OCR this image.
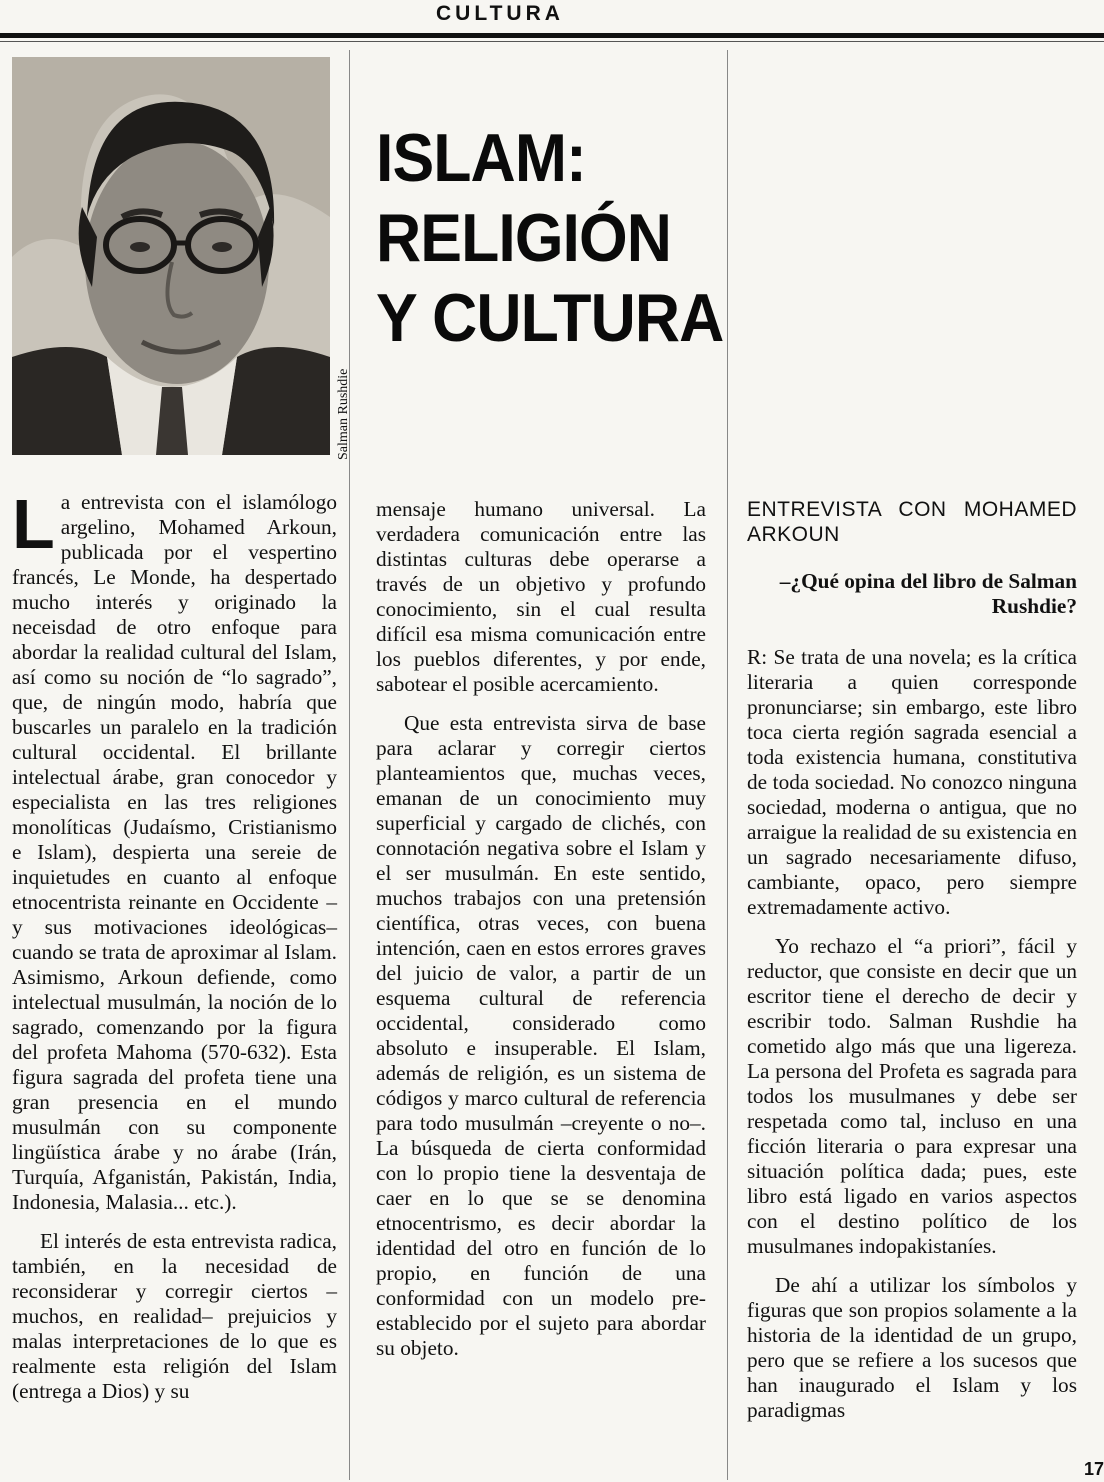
CULTURA
Salman Rushdie
ISLAM:
RELIGIÓN
Y CULTURA

La entrevista con el islamólogo argelino, Mohamed Arkoun, publicada por el vespertino francés, Le Monde, ha despertado mucho interés y originado la neceisdad de otro enfoque para abordar la realidad cultural del Islam, así como su noción de “lo sagrado”, que, de ningún modo, habría que buscarles un paralelo en la tradición cultural occidental. El brillante intelectual árabe, gran conocedor y especialista en las tres religiones monolíticas (Judaísmo, Cristianismo e Islam), despierta una sereie de inquietudes en cuanto al enfoque etnocentrista reinante en Occidente –y sus motivaciones ideológicas– cuando se trata de aproximar al Islam. Asimismo, Arkoun defiende, como intelectual musulmán, la noción de lo sagrado, comenzando por la figura del profeta Mahoma (570-632). Esta figura sagrada del profeta tiene una gran presencia en el mundo musulmán con su componente lingüística árabe y no árabe (Irán, Turquía, Afganistán, Pakistán, India, Indonesia, Malasia... etc.).

El interés de esta entrevista radica, también, en la necesidad de reconsiderar y corregir ciertos –muchos, en realidad– prejuicios y malas interpretaciones de lo que es realmente esta religión del Islam (entrega a Dios) y su

mensaje humano universal. La verdadera comunicación entre las distintas culturas debe operarse a través de un objetivo y profundo conocimiento, sin el cual resulta difícil esa misma comunicación entre los pueblos diferentes, y por ende, sabotear el posible acercamiento.

Que esta entrevista sirva de base para aclarar y corregir ciertos planteamientos que, muchas veces, emanan de un conocimiento muy superficial y cargado de clichés, con connotación negativa sobre el Islam y el ser musulmán. En este sentido, muchos trabajos con una pretensión científica, otras veces, con buena intención, caen en estos errores graves del juicio de valor, a partir de un esquema cultural de referencia occidental, considerado como absoluto e insuperable. El Islam, además de religión, es un sistema de códigos y marco cultural de referencia para todo musulmán –creyente o no–. La búsqueda de cierta conformidad con lo propio tiene la desventaja de caer en lo que se se denomina etnocentrismo, es decir abordar la identidad del otro en función de lo propio, en función de una conformidad con un modelo pre-establecido por el sujeto para abordar su objeto.

ENTREVISTA CON MOHAMED ARKOUN
–¿Qué opina del libro de Salman Rushdie?

R: Se trata de una novela; es la crítica literaria a quien corresponde pronunciarse; sin embargo, este libro toca cierta región sagrada esencial a toda existencia humana, constitutiva de toda sociedad. No conozco ninguna sociedad, moderna o antigua, que no arraigue la realidad de su existencia en un sagrado necesariamente difuso, cambiante, opaco, pero siempre extremadamente activo.

Yo rechazo el “a priori”, fácil y reductor, que consiste en decir que un escritor tiene el derecho de decir y escribir todo. Salman Rushdie ha cometido algo más que una ligereza. La persona del Profeta es sagrada para todos los musulmanes y debe ser respetada como tal, incluso en una ficción literaria o para expresar una situación política dada; pues, este libro está ligado en varios aspectos con el destino político de los musulmanes indopakistaníes.

De ahí a utilizar los símbolos y figuras que son propios solamente a la historia de la identidad de un grupo, pero que se refiere a los sucesos que han inaugurado el Islam y los paradigmas

17
